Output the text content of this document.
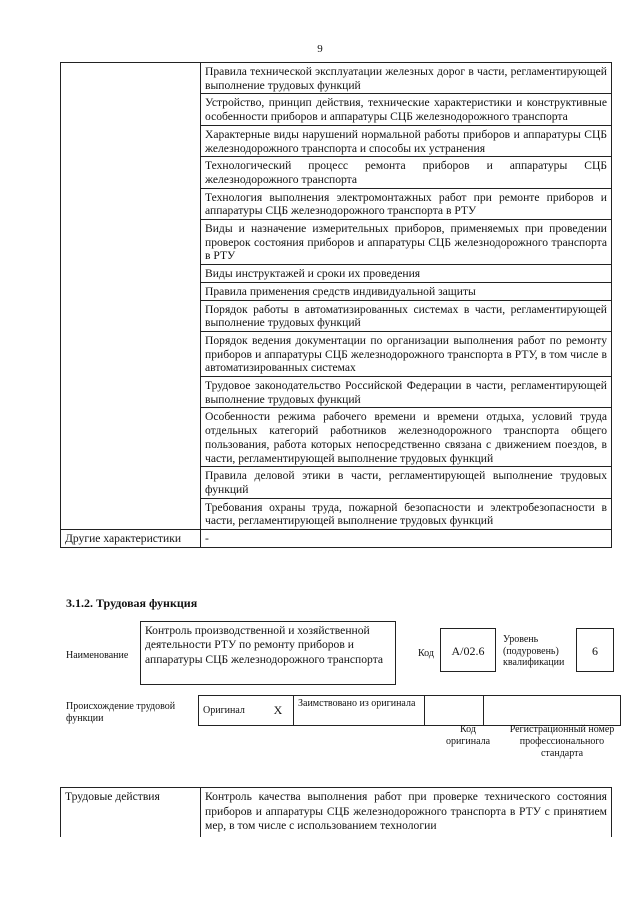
9
	Правила технической эксплуатации железных дорог в части, регламентирующей выполнение трудовых функций
	Устройство, принцип действия, технические характеристики и конструктивные особенности приборов и аппаратуры СЦБ железнодорожного транспорта
	Характерные виды нарушений нормальной работы приборов и аппаратуры СЦБ железнодорожного транспорта и способы их устранения
	Технологический процесс ремонта приборов и аппаратуры СЦБ железнодорожного транспорта
	Технология выполнения электромонтажных работ при ремонте приборов и аппаратуры СЦБ железнодорожного транспорта в РТУ
	Виды и назначение измерительных приборов, применяемых при проведении проверок состояния приборов и аппаратуры СЦБ железнодорожного транспорта в РТУ
	Виды инструктажей и сроки их проведения
	Правила применения средств индивидуальной защиты
	Порядок работы в автоматизированных системах в части, регламентирующей выполнение трудовых функций
	Порядок ведения документации по организации выполнения работ по ремонту приборов и аппаратуры СЦБ железнодорожного транспорта в РТУ, в том числе в автоматизированных системах
	Трудовое законодательство Российской Федерации в части, регламентирующей выполнение трудовых функций
	Особенности режима рабочего времени и времени отдыха, условий труда отдельных категорий работников железнодорожного транспорта общего пользования, работа которых непосредственно связана с движением поездов, в части, регламентирующей выполнение трудовых функций
	Правила деловой этики в части, регламентирующей выполнение трудовых функций
	Требования охраны труда, пожарной безопасности и электробезопасности в части, регламентирующей выполнение трудовых функций
Другие характеристики	-
3.1.2. Трудовая функция
Наименование
Контроль производственной и хозяйственной деятельности РТУ по ремонту приборов и аппаратуры СЦБ железнодорожного транспорта	Код	А/02.6
Уровень (подуровень) квалификации
6
Происхождение трудовой функции
Оригинал	X	Заимствовано из оригинала		
Код оригинала
Регистрационный номер профессионального стандарта
Трудовые действия	Контроль качества выполнения работ при проверке технического состояния приборов и аппаратуры СЦБ железнодорожного транспорта в РТУ с принятием мер, в том числе с использованием технологии
